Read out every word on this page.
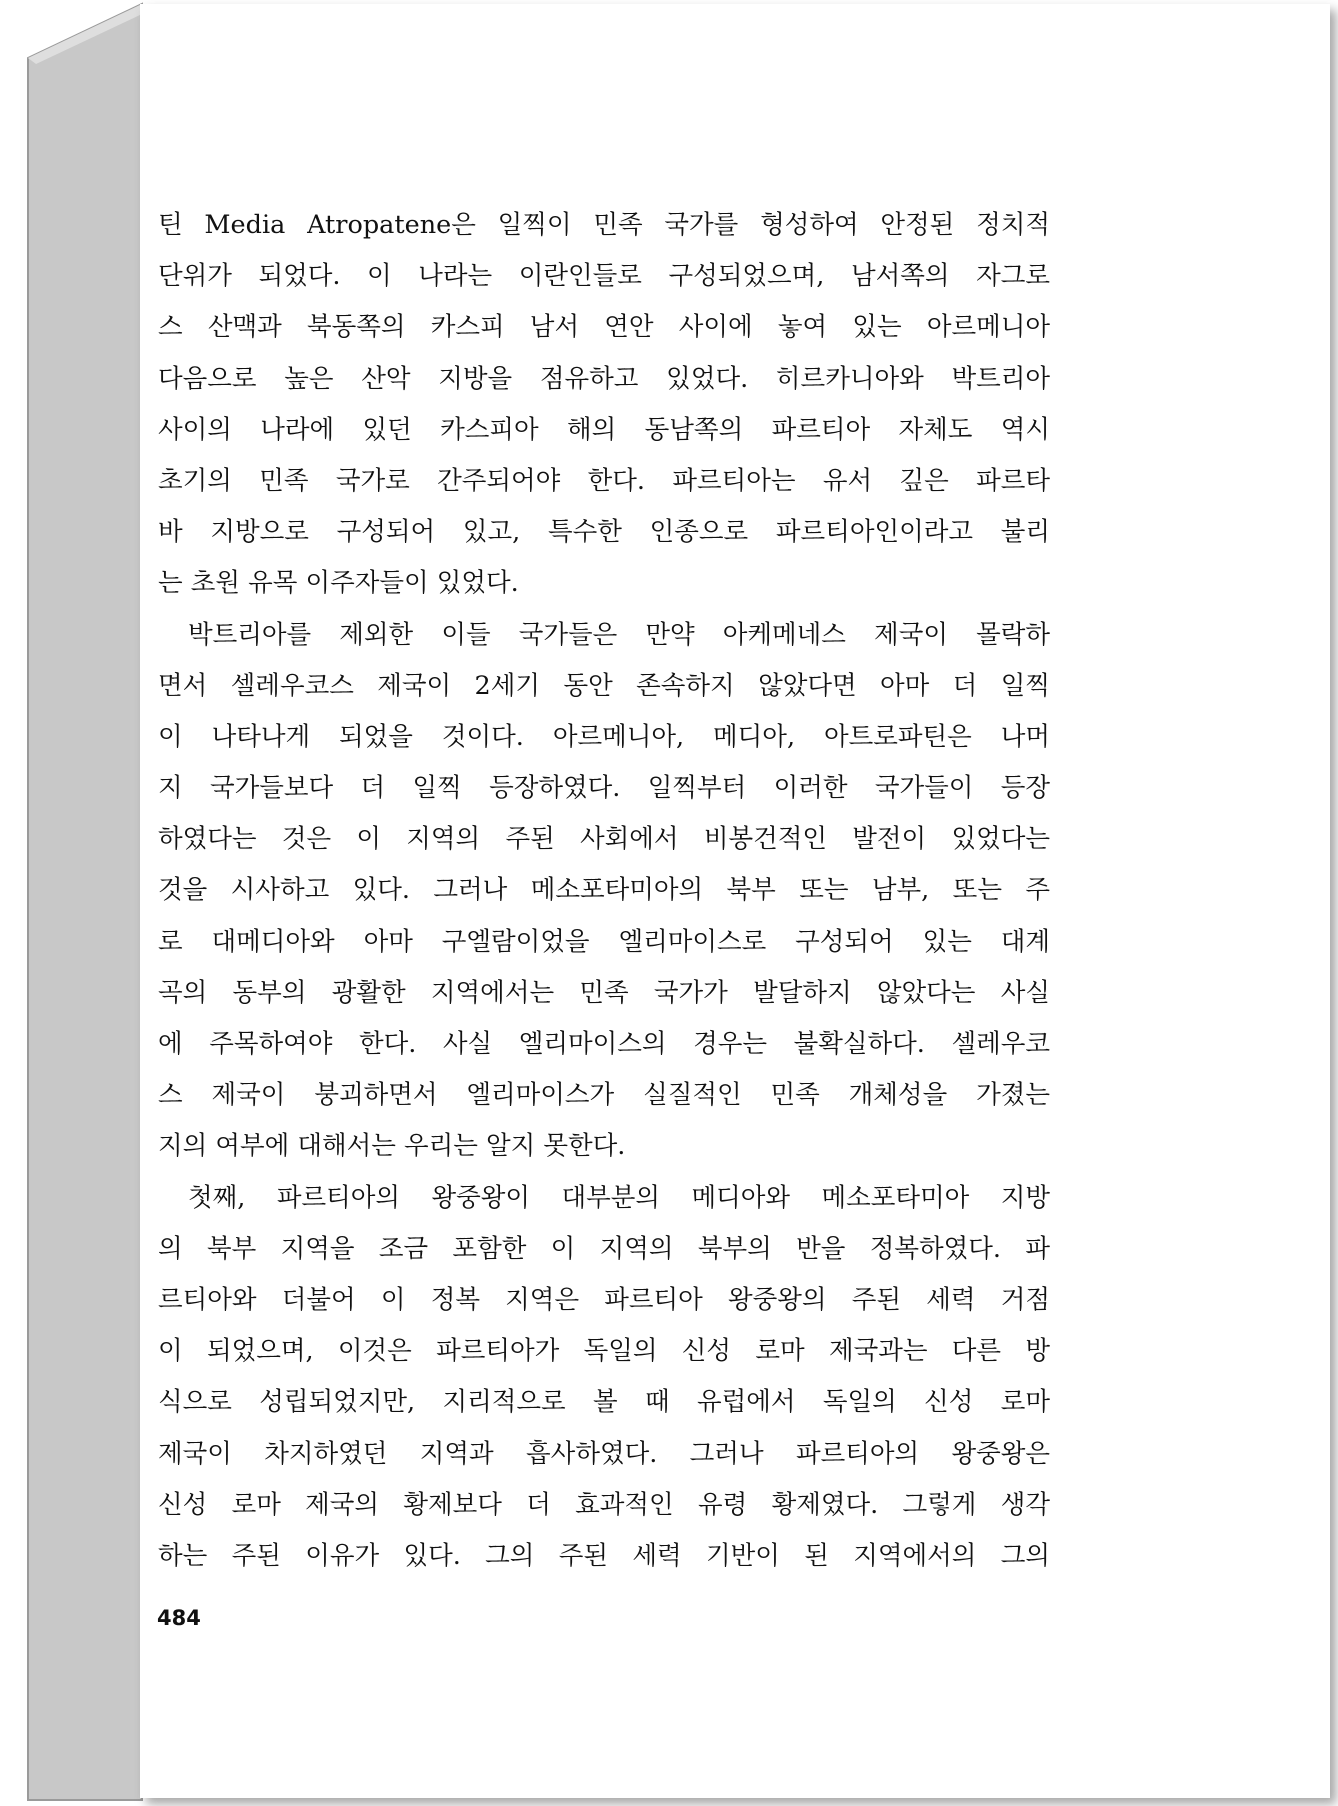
틴 Media Atropatene은 일찍이 민족 국가를 형성하여 안정된 정치적
단위가 되었다. 이 나라는 이란인들로 구성되었으며, 남서쪽의 자그로
스 산맥과 북동쪽의 카스피 남서 연안 사이에 놓여 있는 아르메니아
다음으로 높은 산악 지방을 점유하고 있었다. 히르카니아와 박트리아
사이의 나라에 있던 카스피아 해의 동남쪽의 파르티아 자체도 역시
초기의 민족 국가로 간주되어야 한다. 파르티아는 유서 깊은 파르타
바 지방으로 구성되어 있고, 특수한 인종으로 파르티아인이라고 불리
는 초원 유목 이주자들이 있었다.
박트리아를 제외한 이들 국가들은 만약 아케메네스 제국이 몰락하
면서 셀레우코스 제국이 2세기 동안 존속하지 않았다면 아마 더 일찍
이 나타나게 되었을 것이다. 아르메니아, 메디아, 아트로파틴은 나머
지 국가들보다 더 일찍 등장하였다. 일찍부터 이러한 국가들이 등장
하였다는 것은 이 지역의 주된 사회에서 비봉건적인 발전이 있었다는
것을 시사하고 있다. 그러나 메소포타미아의 북부 또는 남부, 또는 주
로 대메디아와 아마 구엘람이었을 엘리마이스로 구성되어 있는 대계
곡의 동부의 광활한 지역에서는 민족 국가가 발달하지 않았다는 사실
에 주목하여야 한다. 사실 엘리마이스의 경우는 불확실하다. 셀레우코
스 제국이 붕괴하면서 엘리마이스가 실질적인 민족 개체성을 가졌는
지의 여부에 대해서는 우리는 알지 못한다.
첫째, 파르티아의 왕중왕이 대부분의 메디아와 메소포타미아 지방
의 북부 지역을 조금 포함한 이 지역의 북부의 반을 정복하였다. 파
르티아와 더불어 이 정복 지역은 파르티아 왕중왕의 주된 세력 거점
이 되었으며, 이것은 파르티아가 독일의 신성 로마 제국과는 다른 방
식으로 성립되었지만, 지리적으로 볼 때 유럽에서 독일의 신성 로마
제국이 차지하였던 지역과 흡사하였다. 그러나 파르티아의 왕중왕은
신성 로마 제국의 황제보다 더 효과적인 유령 황제였다. 그렇게 생각
하는 주된 이유가 있다. 그의 주된 세력 기반이 된 지역에서의 그의
484
